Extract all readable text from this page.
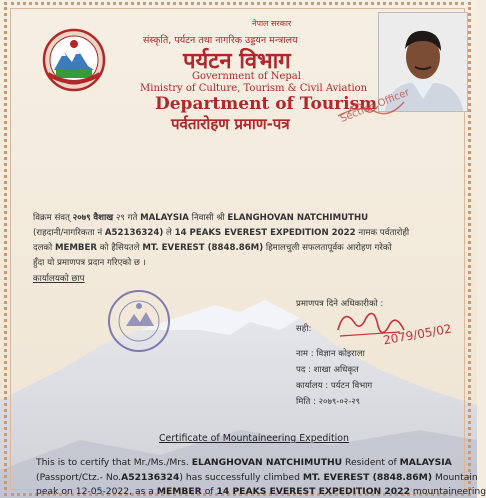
नेपाल सरकार
संस्कृति, पर्यटन तथा नागरिक उड्डयन मन्त्रालय
पर्यटन विभाग
Government of Nepal
Ministry of Culture, Tourism & Civil Aviation
Department of Tourism
पर्वतारोहण प्रमाण-पत्र	Section Officer
विक्रम संवत् २०७९ वैशाख २९ गते MALAYSIA निवासी श्री ELANGHOVAN NATCHIMUTHU
(राहदानी/नागरिकता नं A52136324) ले 14 PEAKS EVEREST EXPEDITION 2022 नामक पर्वतारोही
दलको MEMBER को हैसियतले MT. EVEREST (8848.86M) हिमालचुली सफलतापूर्वक आरोहण गरेको
हुँदा यो प्रमाणपत्र प्रदान गरिएको छ ।
कार्यालयको छाप
प्रमाणपत्र दिने अधिकारीको :
सही:	2079/05/02
नाम : विज्ञान कोइराला
पद : शाखा अधिकृत
कार्यालय : पर्यटन विभाग
मिति : २०७९-०२-२९
Certificate of Mountaineering Expedition
This is to certify that Mr./Ms./Mrs. ELANGHOVAN NATCHIMUTHU Resident of MALAYSIA
(Passport/Ctz.- No.A52136324) has successfully climbed MT. EVEREST (8848.86M) Mountain
peak on 12-05-2022, as a MEMBER of 14 PEAKS EVEREST EXPEDITION 2022 mountaineering
